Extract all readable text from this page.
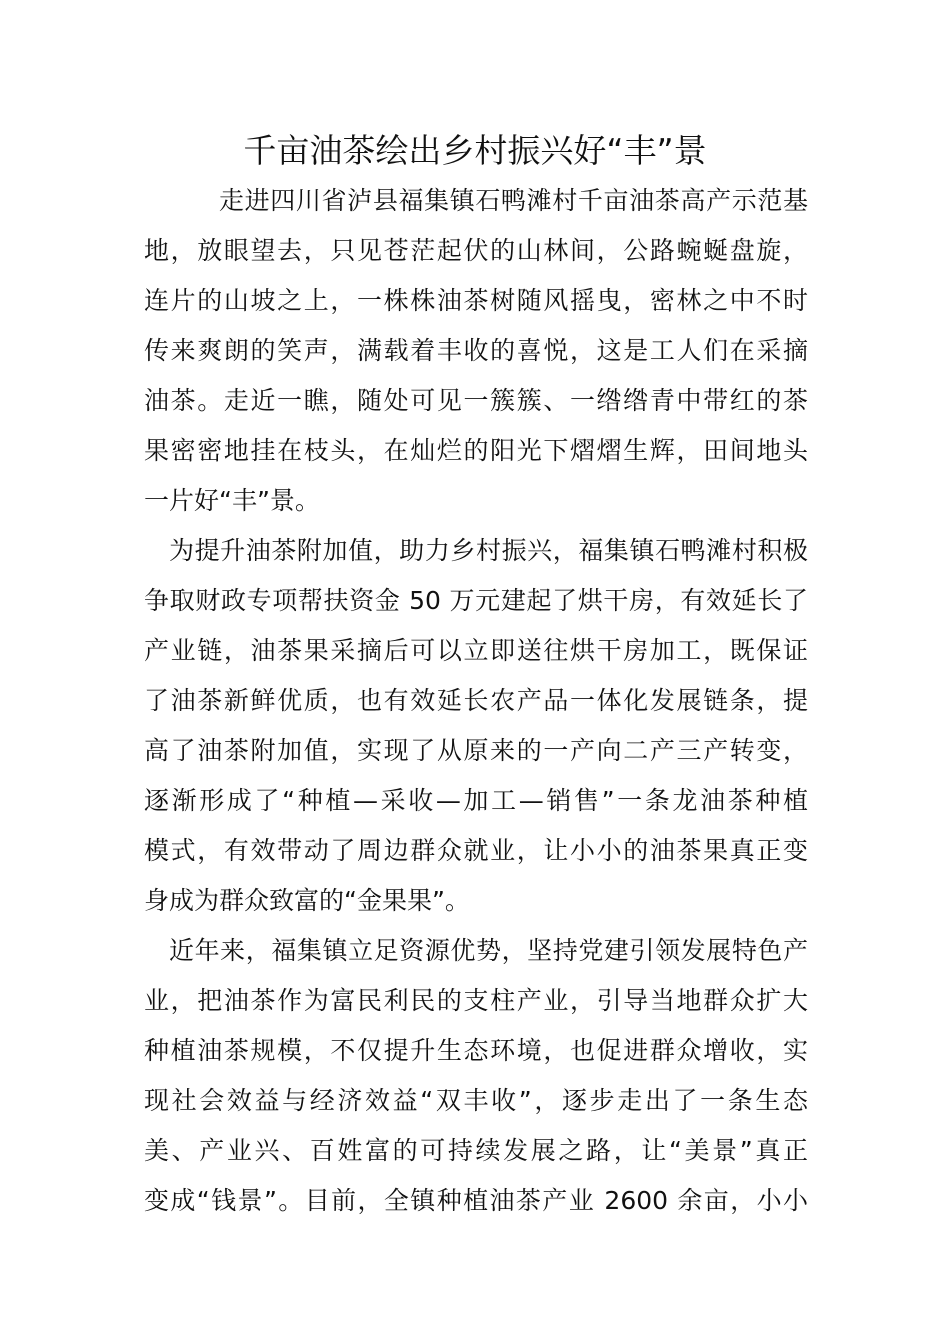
千亩油茶绘出乡村振兴好“丰”景

走进四川省泸县福集镇石鸭滩村千亩油茶高产示范基
地，放眼望去，只见苍茫起伏的山林间，公路蜿蜒盘旋，
连片的山坡之上，一株株油茶树随风摇曳，密林之中不时
传来爽朗的笑声，满载着丰收的喜悦，这是工人们在采摘
油茶。走近一瞧，随处可见一簇簇、一绺绺青中带红的茶
果密密地挂在枝头，在灿烂的阳光下熠熠生辉，田间地头
一片好“丰”景。

为提升油茶附加值，助力乡村振兴，福集镇石鸭滩村积极
争取财政专项帮扶资金 50 万元建起了烘干房，有效延长了
产业链，油茶果采摘后可以立即送往烘干房加工，既保证
了油茶新鲜优质，也有效延长农产品一体化发展链条，提
高了油茶附加值，实现了从原来的一产向二产三产转变，
逐渐形成了“种植—采收—加工—销售”一条龙油茶种植
模式，有效带动了周边群众就业，让小小的油茶果真正变
身成为群众致富的“金果果”。

近年来，福集镇立足资源优势，坚持党建引领发展特色产
业，把油茶作为富民利民的支柱产业，引导当地群众扩大
种植油茶规模，不仅提升生态环境，也促进群众增收，实
现社会效益与经济效益“双丰收”，逐步走出了一条生态
美、产业兴、百姓富的可持续发展之路，让“美景”真正
变成“钱景”。目前，全镇种植油茶产业 2600 余亩，小小
